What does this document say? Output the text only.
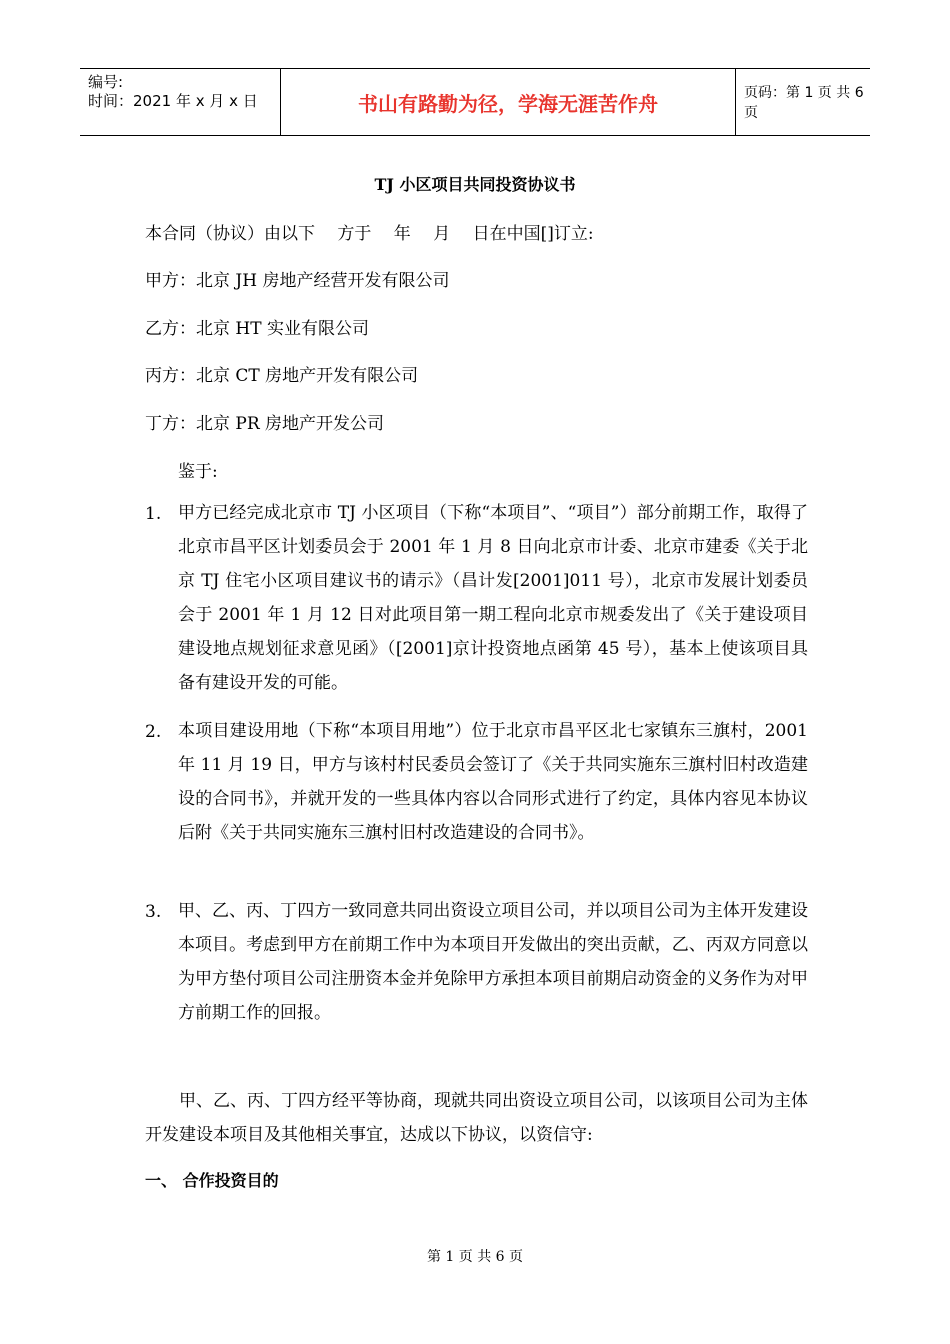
编号:
时间：2021 年 x 月 x 日	书山有路勤为径，学海无涯苦作舟	页码：第 1 页 共 6 页
TJ 小区项目共同投资协议书
本合同（协议）由以下　 方于　 年　 月　 日在中国[]订立:
甲方：北京 JH 房地产经营开发有限公司
乙方：北京 HT 实业有限公司
丙方：北京 CT 房地产开发有限公司
丁方：北京 PR 房地产开发公司
鉴于:
1. 甲方已经完成北京市 TJ 小区项目（下称“本项目”、“项目”）部分前期工作，取得了北京市昌平区计划委员会于 2001 年 1 月 8 日向北京市计委、北京市建委《关于北京 TJ 住宅小区项目建议书的请示》（昌计发[2001]011 号），北京市发展计划委员会于 2001 年 1 月 12 日对此项目第一期工程向北京市规委发出了《关于建设项目建设地点规划征求意见函》（[2001]京计投资地点函第 45 号），基本上使该项目具备有建设开发的可能。
2. 本项目建设用地（下称“本项目用地”）位于北京市昌平区北七家镇东三旗村，2001 年 11 月 19 日，甲方与该村村民委员会签订了《关于共同实施东三旗村旧村改造建设的合同书》，并就开发的一些具体内容以合同形式进行了约定，具体内容见本协议后附《关于共同实施东三旗村旧村改造建设的合同书》。
3. 甲、乙、丙、丁四方一致同意共同出资设立项目公司，并以项目公司为主体开发建设本项目。考虑到甲方在前期工作中为本项目开发做出的突出贡献，乙、丙双方同意以为甲方垫付项目公司注册资本金并免除甲方承担本项目前期启动资金的义务作为对甲方前期工作的回报。
甲、乙、丙、丁四方经平等协商，现就共同出资设立项目公司，以该项目公司为主体开发建设本项目及其他相关事宜，达成以下协议，以资信守:
一、 合作投资目的
第 1 页 共 6 页
